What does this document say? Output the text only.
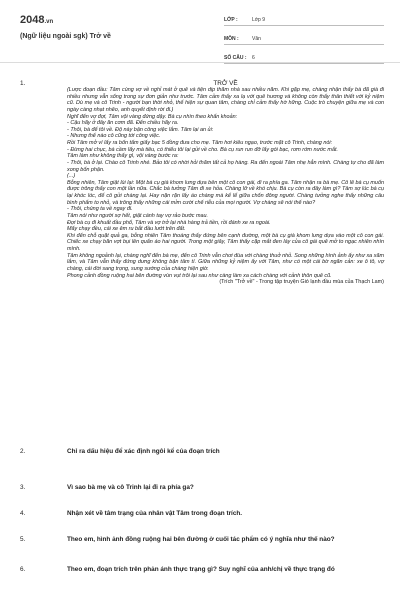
2048.vn
(Ngữ liệu ngoài sgk) Trở về
LỚP :	Lớp 9
MÔN :	Văn
SỐ CÂU :	6
1.	TRỞ VỀ

(Lược đoạn đầu: Tâm cùng vợ về nghỉ mát ở quê và tiện dịp thăm nhà sau nhiều năm. Khi gặp mẹ, chàng nhận thấy bà đã già đi nhiều nhưng vẫn sống trong sự đơn giản như trước. Tâm cảm thấy xa lạ với quê hương và không còn thấy thân thiết với kỷ niệm cũ. Dù mẹ và cô Trinh - người bạn thời nhỏ, thể hiện sự quan tâm, chàng chỉ cảm thấy hờ hững. Cuộc trò chuyện giữa mẹ và con ngày càng nhạt nhẽo, anh quyết định rời đi.)

Nghĩ đến vợ đợi, Tâm vội vàng đứng dậy. Bà cụ nhìn theo khẩn khoản:

- Cậu hãy ở đây ăn cơm đã. Đến chiều hãy ra.

- Thôi, bà để tôi về. Độ này bận công việc lắm. Tâm lại an ủi:

- Nhưng thế nào cô cũng tới công việc.

Rồi Tâm mở ví lấy ra bốn tấm giấy bạc 5 đồng đưa cho mẹ. Tâm hơi kiêu ngạo, trước mặt cô Trinh, chàng nói:

- Đừng hai chục, bà cầm lấy mà tiêu, có thiếu tôi lại gửi về cho. Bà cụ run run đỡ lấy gói bạc, rơm rớm nước mắt.

Tâm làm như không thấy gì, vội vàng bước ra:

- Thôi, bà ở lại. Chào cô Trinh nhé. Bảo tôi có nhời hỏi thăm tất cả họ hàng. Ra đến ngoài Tâm nhẹ hẳn mình. Chàng tự cho đã làm xong bổn phận.

(...)

Bỗng nhiên, Tâm giật lùi lại: Một bà cụ già khom lưng dựa bên một cô con gái, đi ra phía ga. Tâm nhận ra bà mẹ. Cô lẽ bà cụ muốn được trông thấy con một lần nữa. Chắc bà tưởng Tâm đi xe hỏa. Chàng lỡ về khó chịu. Bà cụ còn ra đây làm gì? Tâm sợ lúc bà cụ lại khóc lóc, để cô gửi chàng lại. Hay nặn rặn lấy áo chàng mà kể lể giữa chốn đông người. Chàng tưởng nghe thấy những câu bình phẩm to nhỏ, và trông thấy những cái mỉm cười chế riễu của mọi người. Vợ chàng sẽ nói thế nào?

- Thôi, chúng ta về ngay đi.

Tâm nói như người sợ hết, giật cánh tay vợ rảo bước mau.

Đợi bà cụ đi khuất đầu phố, Tâm và vợ trở lại nhà hàng trả tiền, rồi đánh xe ra ngoài.

Mấy chạy đều, cái xe êm ru bắt đầu lướt trên đất.

Khi đến chỗ quặt quả ga, bỗng nhiên Tâm thoáng thấy đứng bên cạnh đường, một bà cụ già khom lưng dựa vào một cô con gái. Chiếc xe chạy băn vợt bụi lên quấn áo hai người. Trong một giây, Tâm thấy cặp mắt đen láy của cô gái quê mở to ngạc nhiên nhìn mình.

Tâm không ngoảnh lại, chàng nghĩ đến bà mẹ, đến cô Trinh vẫn chơi đùa với chàng thuở nhỏ. Song những hình ảnh ấy như xa xăm lắm, và Tâm vẫn thấy đứng dưng không bận tâm tí. Giữa những kỷ niệm ấy với Tâm, như có một cái bờ ngăn cản: xe ô tô, vợ chàng, cái đời sang trọng, sung sướng của chàng hiện giờ.

Phong cảnh đồng ruộng hai bên đường vùn vụt trôi lại sau như càng làm xa cách chàng với cảnh thôn quê cũ.

(Trích "Trở về" - Trong tập truyện Gió lạnh đầu mùa của Thạch Lam)

2.	Chỉ ra dấu hiệu để xác định ngôi kể của đoạn trích
3.	Vì sao bà mẹ và cô Trinh lại đi ra phía ga?
4.	Nhận xét về tâm trạng của nhân vật Tâm trong đoạn trích.
5.	Theo em, hình ảnh đồng ruộng hai bên đường ở cuối tác phẩm có ý nghĩa như thế nào?
6.	Theo em, đoạn trích trên phản ánh thực trạng gì? Suy nghĩ của anh/chị về thực trạng đó
